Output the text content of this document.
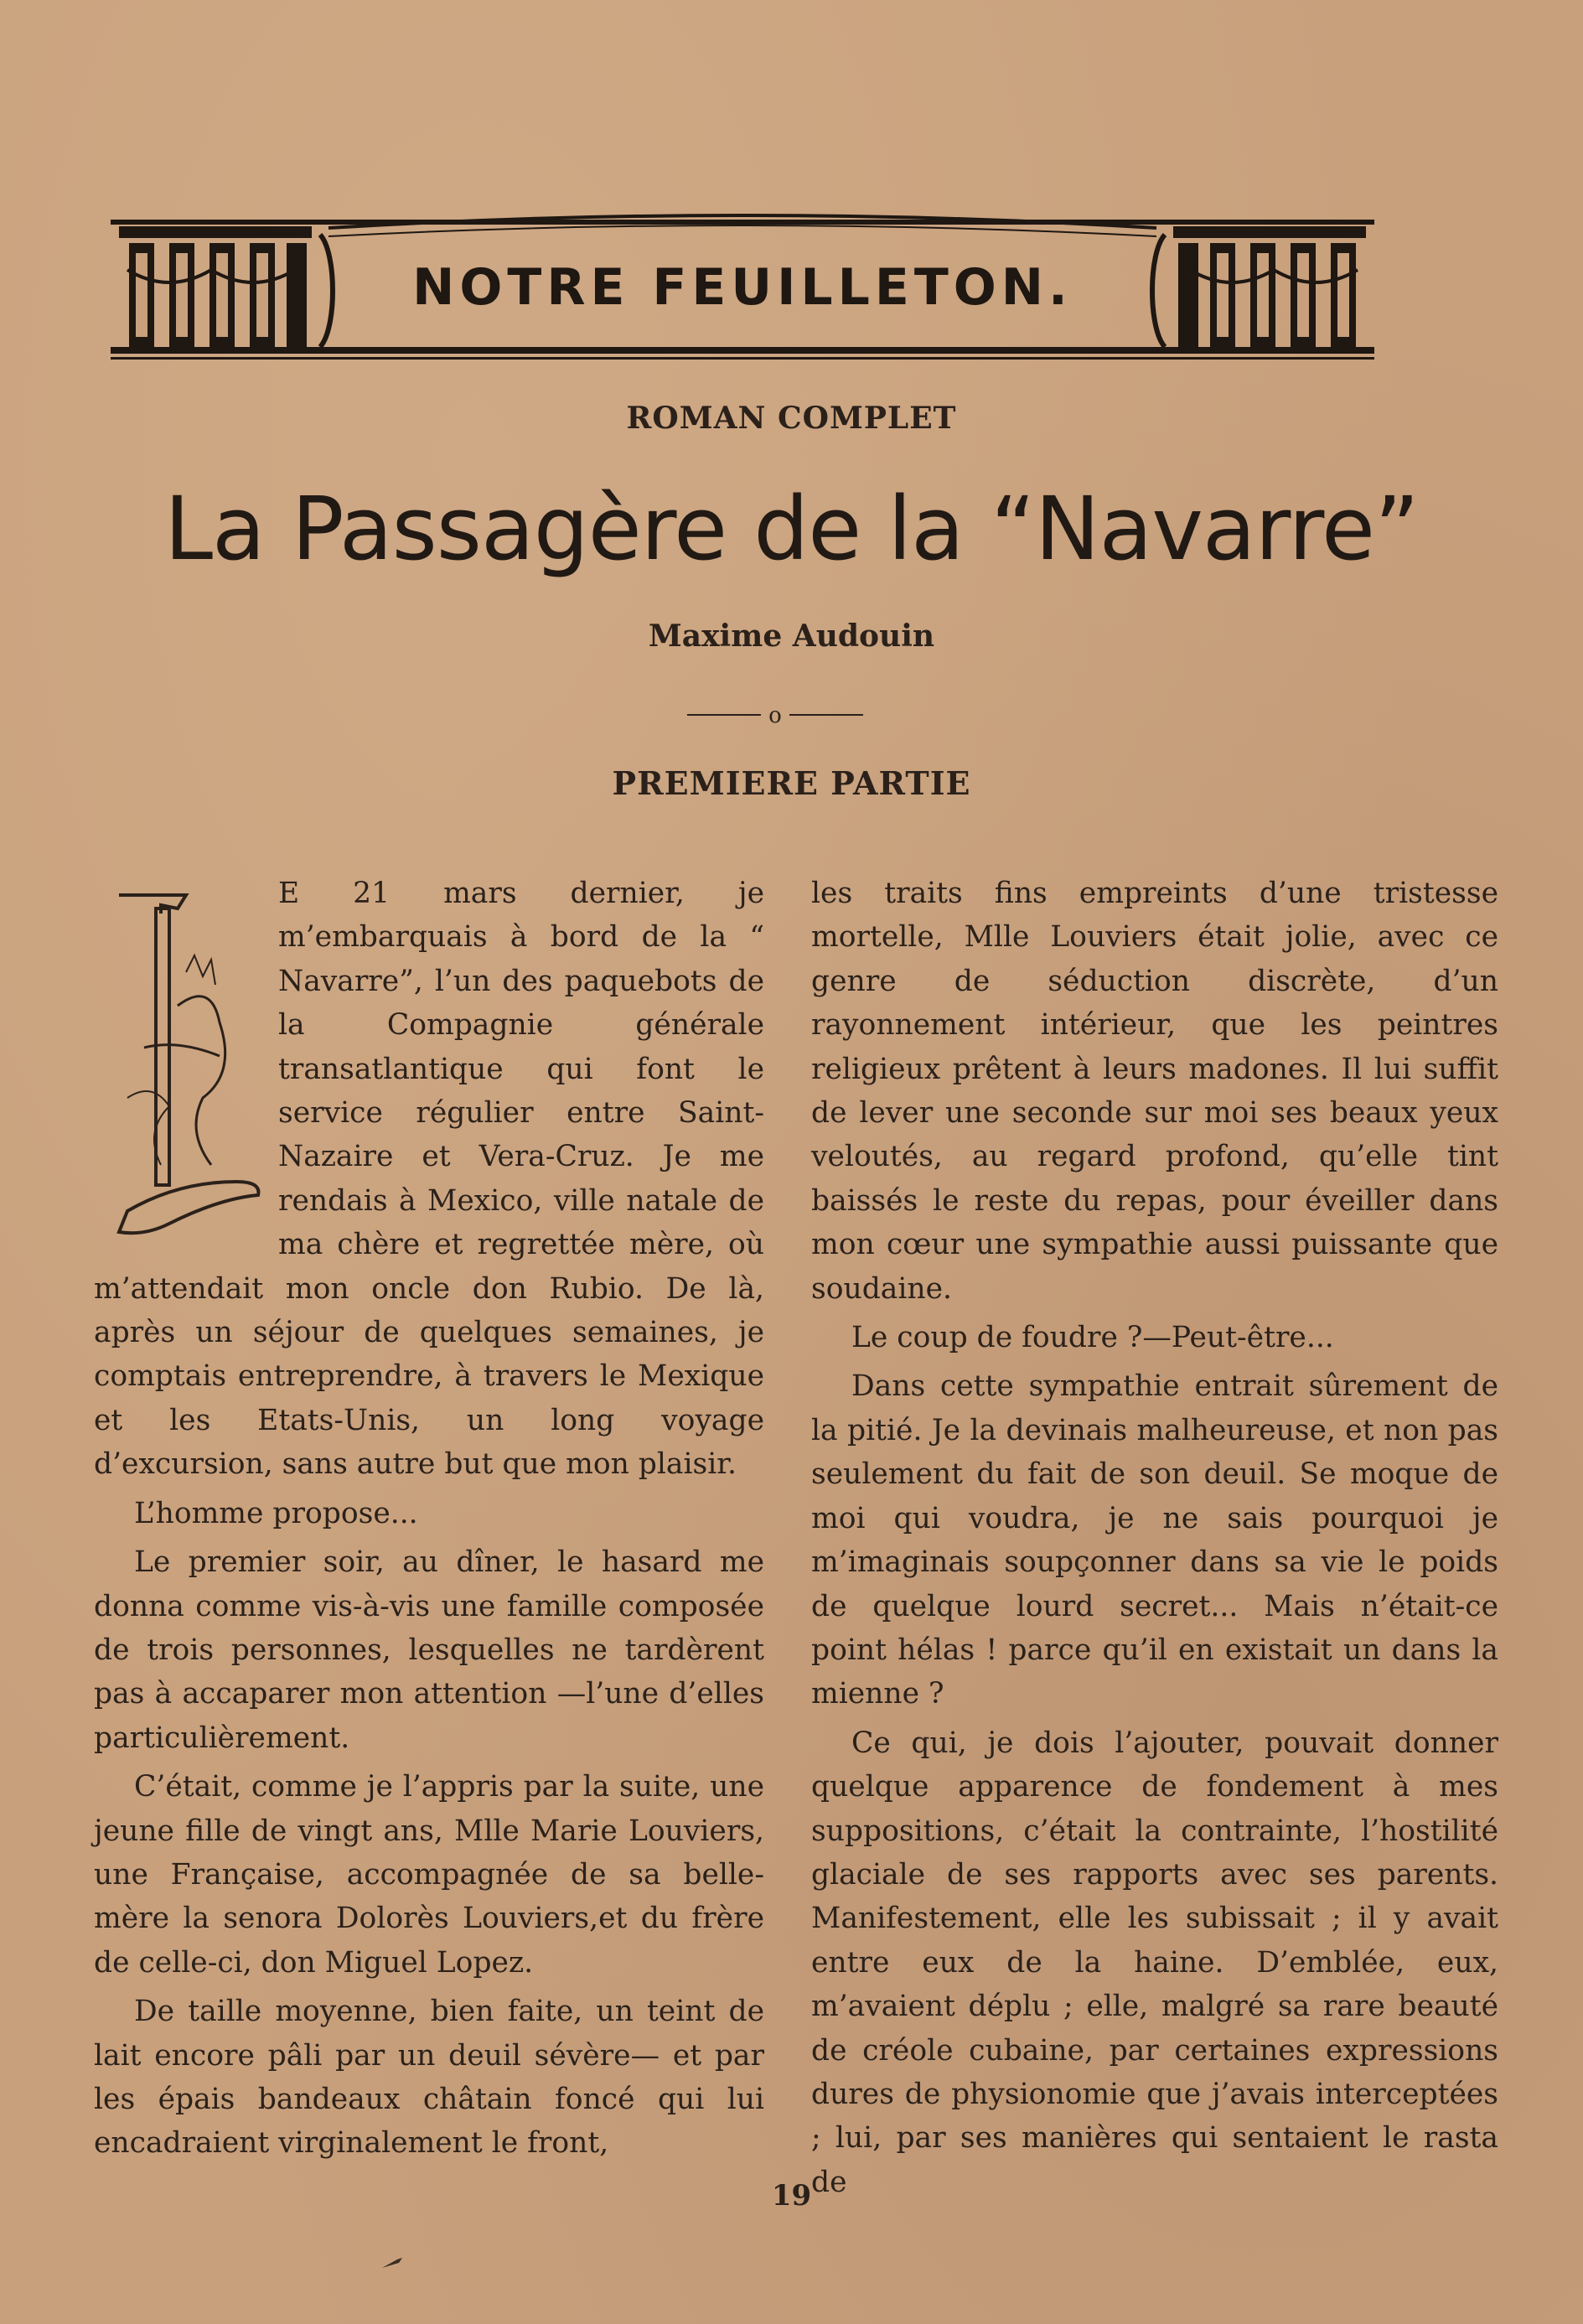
NOTRE FEUILLETON.
ROMAN COMPLET
La Passagère de la “Navarre”
Maxime Audouin
o
PREMIERE PARTIE

E 21 mars dernier, je m’embarquais à bord de la “ Navarre”, l’un des paquebots de la Compagnie générale transatlantique qui font le service régulier entre Saint-Nazaire et Vera-Cruz. Je me rendais à Mexico, ville natale de ma chère et regrettée mère, où m’attendait mon oncle don Rubio. De là, après un séjour de quelques semaines, je comptais entreprendre, à travers le Mexique et les Etats-Unis, un long voyage d’excursion, sans autre but que mon plaisir.

L’homme propose...

Le premier soir, au dîner, le hasard me donna comme vis-à-vis une famille composée de trois personnes, lesquelles ne tardèrent pas à accaparer mon attention —l’une d’elles particulièrement.

C’était, comme je l’appris par la suite, une jeune fille de vingt ans, Mlle Marie Louviers, une Française, accompagnée de sa belle-mère la senora Dolorès Louviers,et du frère de celle-ci, don Miguel Lopez.

De taille moyenne, bien faite, un teint de lait encore pâli par un deuil sévère— et par les épais bandeaux châtain foncé qui lui encadraient virginalement le front,

les traits fins empreints d’une tristesse mortelle, Mlle Louviers était jolie, avec ce genre de séduction discrète, d’un rayonnement intérieur, que les peintres religieux prêtent à leurs madones. Il lui suffit de lever une seconde sur moi ses beaux yeux veloutés, au regard profond, qu’elle tint baissés le reste du repas, pour éveiller dans mon cœur une sympathie aussi puissante que soudaine.

Le coup de foudre ?—Peut-être...

Dans cette sympathie entrait sûrement de la pitié. Je la devinais malheureuse, et non pas seulement du fait de son deuil. Se moque de moi qui voudra, je ne sais pourquoi je m’imaginais soupçonner dans sa vie le poids de quelque lourd secret... Mais n’était-ce point hélas ! parce qu’il en existait un dans la mienne ?

Ce qui, je dois l’ajouter, pouvait donner quelque apparence de fondement à mes suppositions, c’était la contrainte, l’hostilité glaciale de ses rapports avec ses parents. Manifestement, elle les subissait ; il y avait entre eux de la haine. D’emblée, eux, m’avaient déplu ; elle, malgré sa rare beauté de créole cubaine, par certaines expressions dures de physionomie que j’avais interceptées ; lui, par ses manières qui sentaient le rasta de

19
